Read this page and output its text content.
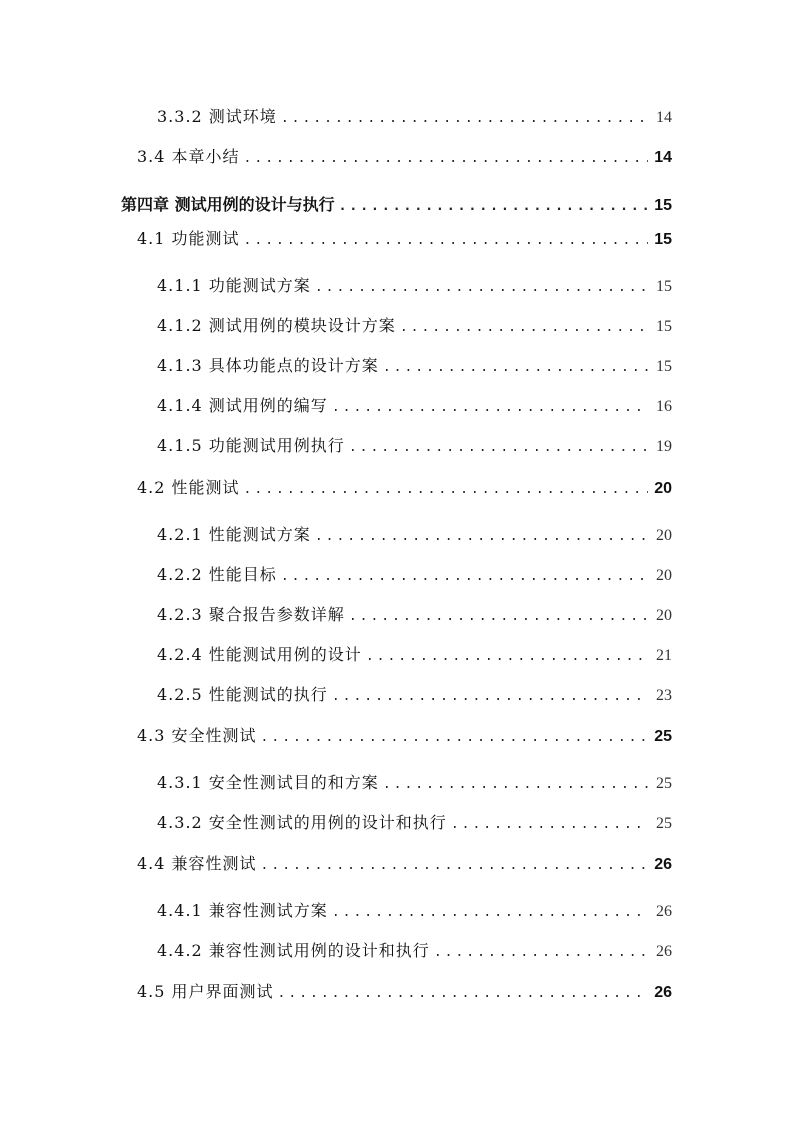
3.3.2 测试环境 .....	14
3.4 本章小结 .....	14
第四章 测试用例的设计与执行 .....	15
4.1 功能测试 .....	15
4.1.1 功能测试方案 .....	15
4.1.2 测试用例的模块设计方案 .....	15
4.1.3 具体功能点的设计方案 .....	15
4.1.4 测试用例的编写 .....	16
4.1.5 功能测试用例执行 .....	19
4.2 性能测试 .....	20
4.2.1 性能测试方案 .....	20
4.2.2 性能目标 .....	20
4.2.3 聚合报告参数详解 .....	20
4.2.4 性能测试用例的设计 .....	21
4.2.5 性能测试的执行 .....	23
4.3 安全性测试 .....	25
4.3.1 安全性测试目的和方案 .....	25
4.3.2 安全性测试的用例的设计和执行 .....	25
4.4 兼容性测试 .....	26
4.4.1 兼容性测试方案 .....	26
4.4.2 兼容性测试用例的设计和执行 .....	26
4.5 用户界面测试 .....	26
